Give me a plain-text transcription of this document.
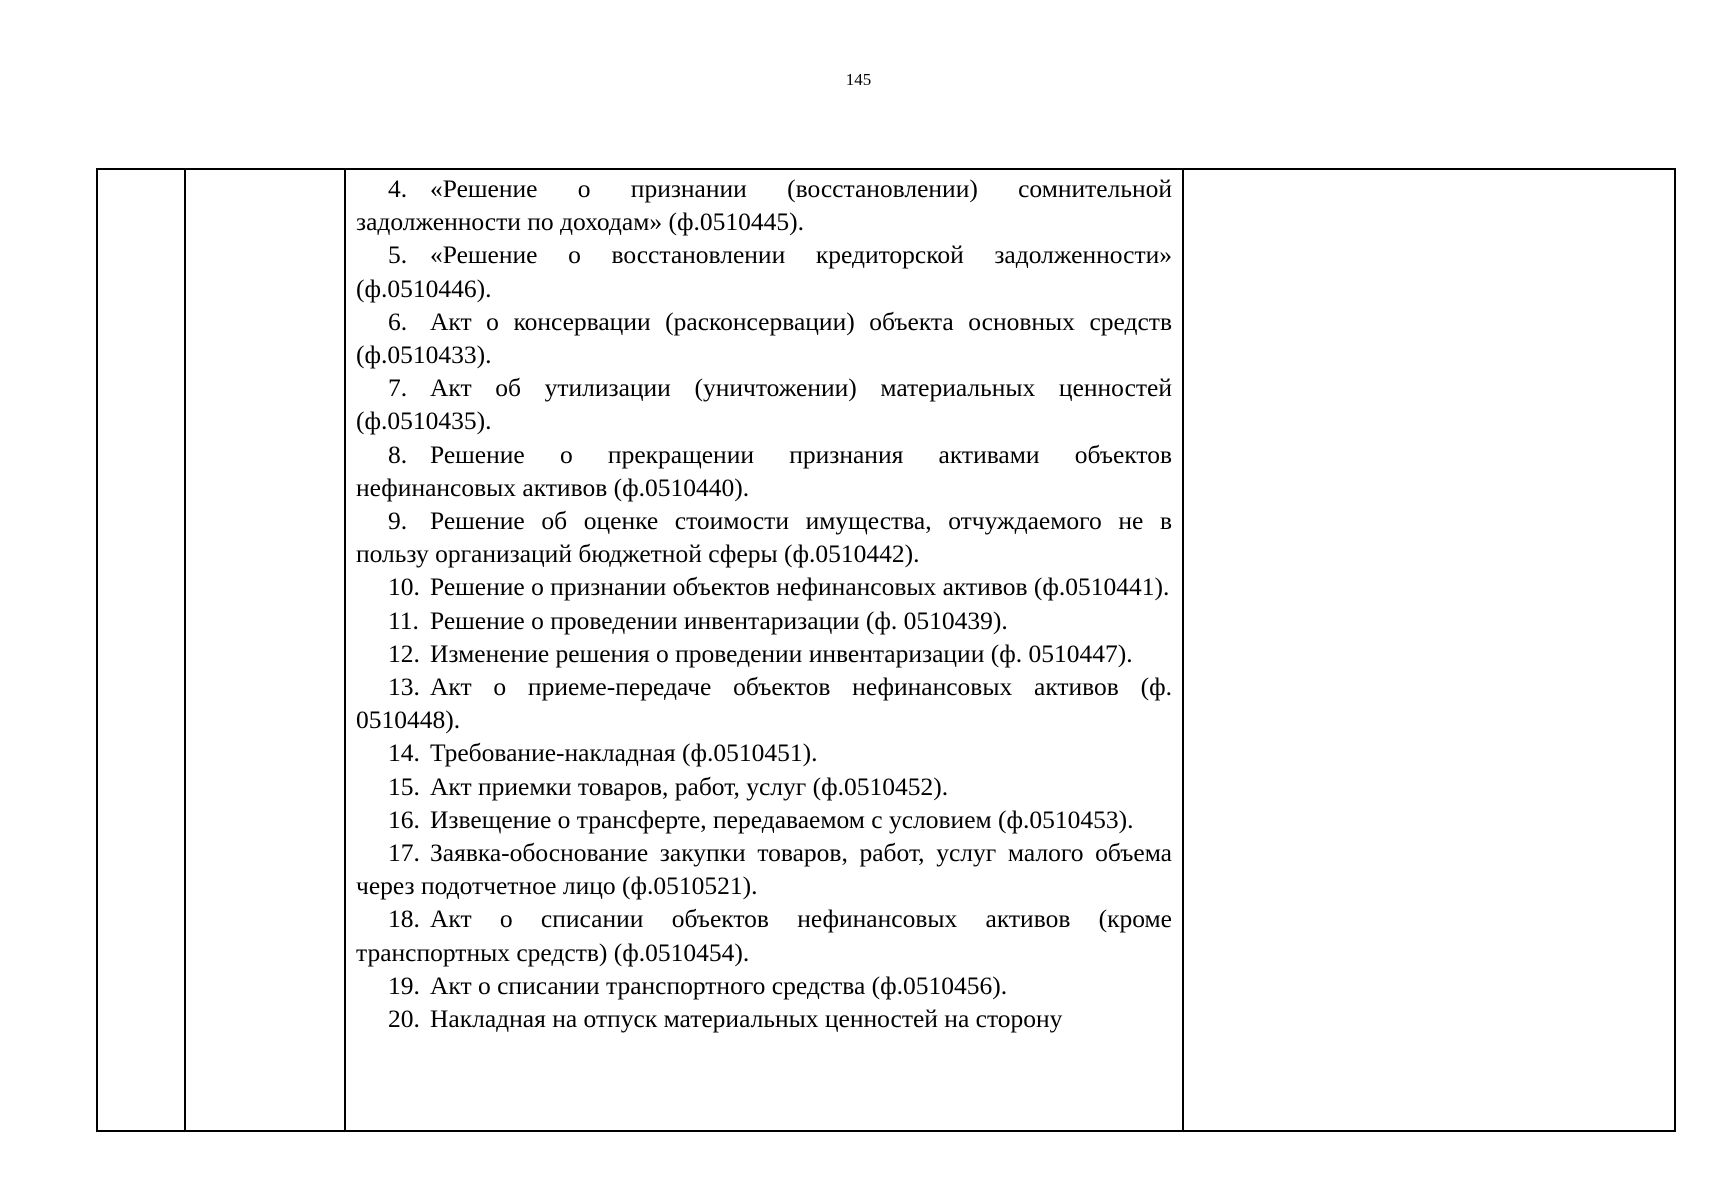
145

4. «Решение о признании (восстановлении) сомнительной задолженности по доходам» (ф.0510445).

5. «Решение о восстановлении кредиторской задолженности» (ф.0510446).

6. Акт о консервации (расконсервации) объекта основных средств (ф.0510433).

7. Акт об утилизации (уничтожении) материальных ценностей (ф.0510435).

8. Решение о прекращении признания активами объектов нефинансовых активов (ф.0510440).

9. Решение об оценке стоимости имущества, отчуждаемого не в пользу организаций бюджетной сферы (ф.0510442).

10. Решение о признании объектов нефинансовых активов (ф.0510441).

11. Решение о проведении инвентаризации (ф. 0510439).

12. Изменение решения о проведении инвентаризации (ф. 0510447).

13. Акт о приеме-передаче объектов нефинансовых активов (ф. 0510448).

14. Требование-накладная (ф.0510451).

15. Акт приемки товаров, работ, услуг (ф.0510452).

16. Извещение о трансферте, передаваемом с условием (ф.0510453).

17. Заявка-обоснование закупки товаров, работ, услуг малого объема через подотчетное лицо (ф.0510521).

18. Акт о списании объектов нефинансовых активов (кроме транспортных средств) (ф.0510454).

19. Акт о списании транспортного средства (ф.0510456).

20. Накладная на отпуск материальных ценностей на сторону
